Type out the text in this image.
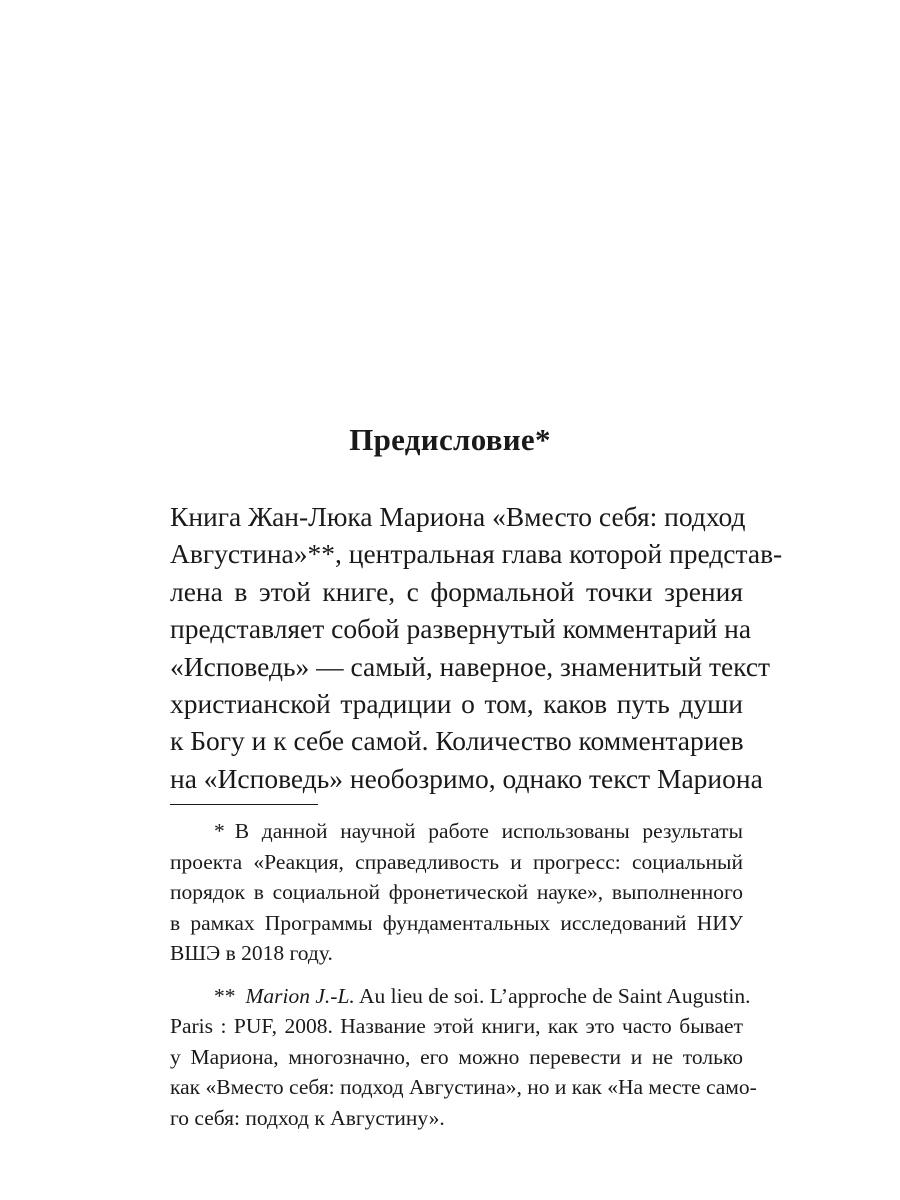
Предисловие*
Книга Жан-Люка Мариона «Вместо себя: подход
Августина»**, центральная глава которой представ-
лена в этой книге, с формальной точки зрения
представляет собой развернутый комментарий на
«Исповедь» — самый, наверное, знаменитый текст
христианской традиции о том, каков путь души
к Богу и к себе самой. Количество комментариев
на «Исповедь» необозримо, однако текст Мариона
* В данной научной работе использованы результаты
проекта «Реакция, справедливость и прогресс: социальный
порядок в социальной фронетической науке», выполненного
в рамках Программы фундаментальных исследований НИУ
ВШЭ в 2018 году.
** Marion J.-L. Au lieu de soi. L’approche de Saint Augustin.
Paris : PUF, 2008. Название этой книги, как это часто бывает
у Мариона, многозначно, его можно перевести и не только
как «Вместо себя: подход Августина», но и как «На месте само-
го себя: подход к Августину».
